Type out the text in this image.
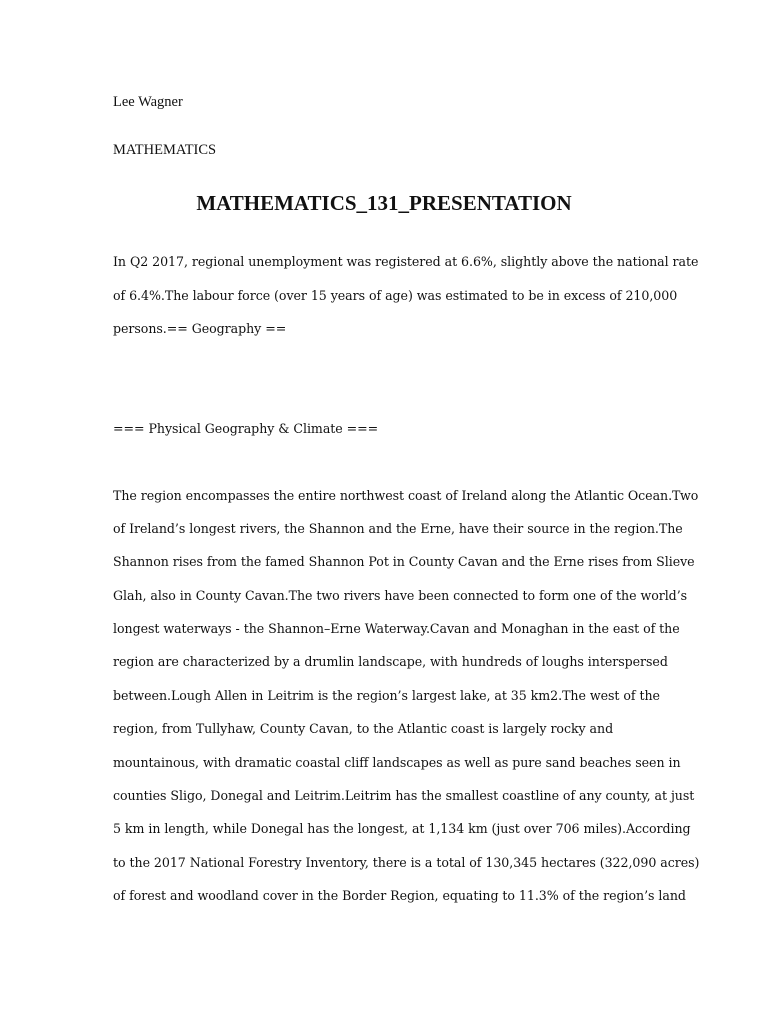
Lee Wagner
MATHEMATICS
MATHEMATICS_131_PRESENTATION
In Q2 2017, regional unemployment was registered at 6.6%, slightly above the national rate
of 6.4%.The labour force (over 15 years of age) was estimated to be in excess of 210,000
persons.== Geography ==
=== Physical Geography & Climate ===
The region encompasses the entire northwest coast of Ireland along the Atlantic Ocean.Two
of Ireland’s longest rivers, the Shannon and the Erne, have their source in the region.The
Shannon rises from the famed Shannon Pot in County Cavan and the Erne rises from Slieve
Glah, also in County Cavan.The two rivers have been connected to form one of the world’s
longest waterways - the Shannon–Erne Waterway.Cavan and Monaghan in the east of the
region are characterized by a drumlin landscape, with hundreds of loughs interspersed
between.Lough Allen in Leitrim is the region’s largest lake, at 35 km2.The west of the
region, from Tullyhaw, County Cavan, to the Atlantic coast is largely rocky and
mountainous, with dramatic coastal cliff landscapes as well as pure sand beaches seen in
counties Sligo, Donegal and Leitrim.Leitrim has the smallest coastline of any county, at just
5 km in length, while Donegal has the longest, at 1,134 km (just over 706 miles).According
to the 2017 National Forestry Inventory, there is a total of 130,345 hectares (322,090 acres)
of forest and woodland cover in the Border Region, equating to 11.3% of the region’s land
